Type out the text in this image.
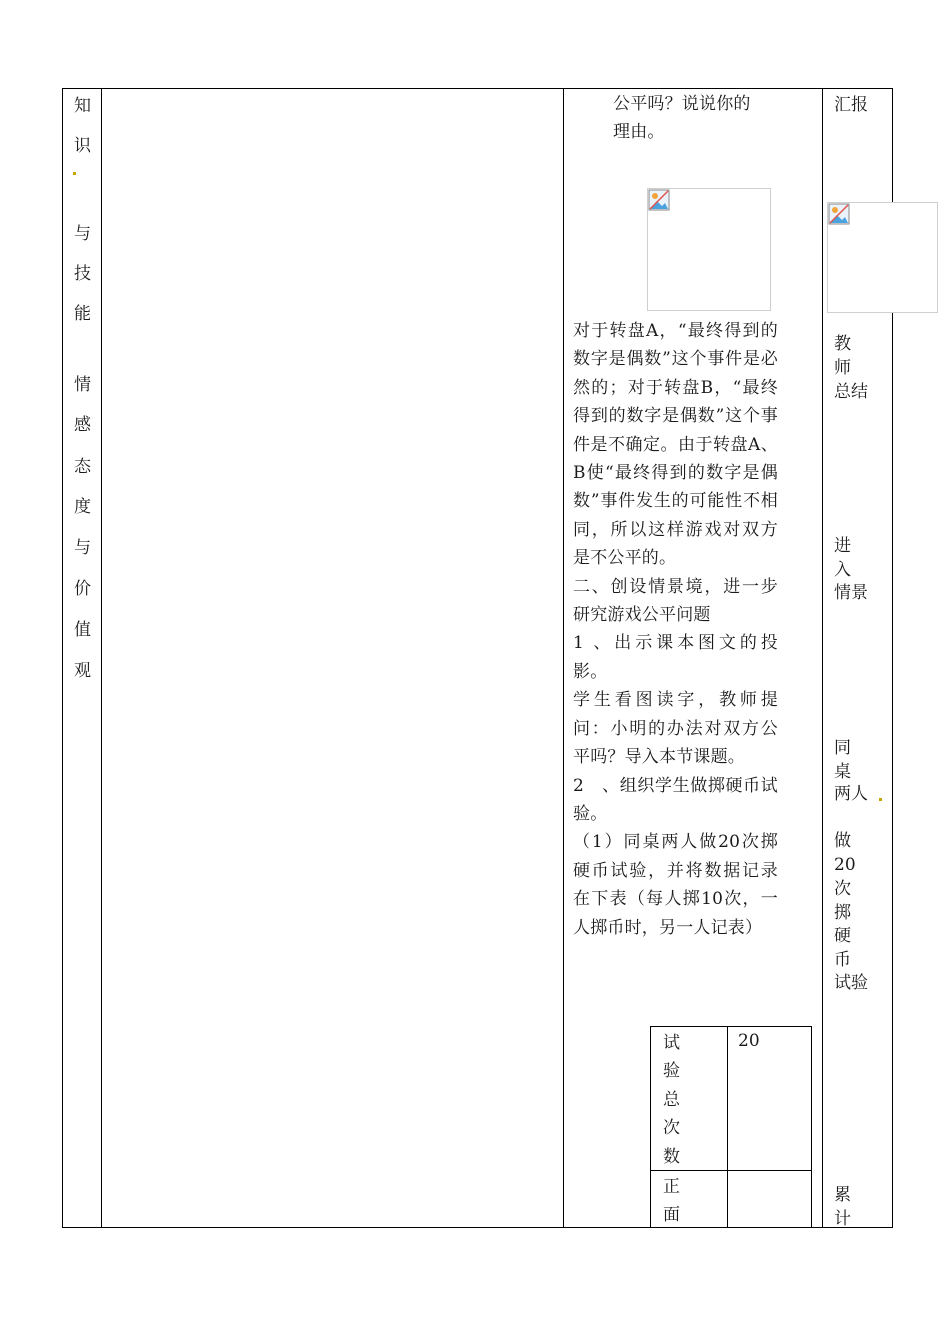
知
识
与
技
能
情
感
态
度
与
价
值
观

公平吗？说说你的

理由。

对于转盘A，“最终得到的数字是偶数”这个事件是必然的；对于转盘B，“最终得到的数字是偶数”这个事件是不确定。由于转盘A、B使“最终得到的数字是偶数”事件发生的可能性不相同，所以这样游戏对双方是不公平的。

二、创设情景境，进一步研究游戏公平问题

1 、出示课本图文的投影。

学生看图读字，教师提问：小明的办法对双方公平吗？导入本节课题。

2　、组织学生做掷硬币试验。

（1）同桌两人做20次掷硬币试验，并将数据记录在下表（每人掷10次，一人掷币时，另一人记表）

试
验
总
次
数
20
正
面
汇报
教　师
总结
进　入
情景
同　桌
两人
做　20
次　掷
硬　币
试验
累　计
